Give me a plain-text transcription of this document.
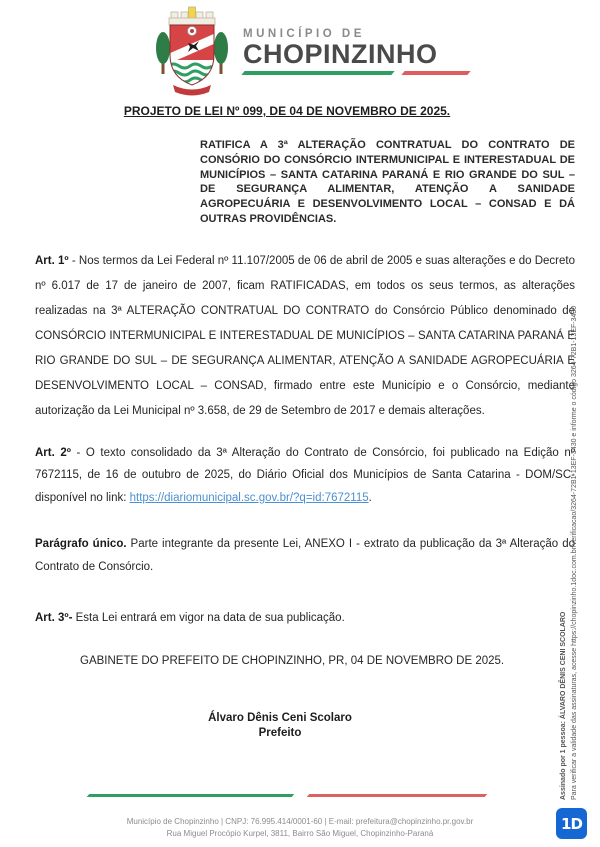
MUNICÍPIO DE
CHOPINZINHO
PROJETO DE LEI Nº 099, DE 04 DE NOVEMBRO DE 2025.
RATIFICA A 3ª ALTERAÇÃO CONTRATUAL DO CONTRATO DE CONSÓRIO DO CONSÓRCIO INTERMUNICIPAL E INTERESTADUAL DE MUNICÍPIOS – SANTA CATARINA PARANÁ E RIO GRANDE DO SUL – DE SEGURANÇA ALIMENTAR, ATENÇÃO A SANIDADE AGROPECUÁRIA E DESENVOLVIMENTO LOCAL – CONSAD E DÁ OUTRAS PROVIDÊNCIAS.

Art. 1º - Nos termos da Lei Federal nº 11.107/2005 de 06 de abril de 2005 e suas alterações e do Decreto nº 6.017 de 17 de janeiro de 2007, ficam RATIFICADAS, em todos os seus termos, as alterações realizadas na 3ª ALTERAÇÃO CONTRATUAL DO CONTRATO do Consórcio Público denominado de CONSÓRCIO INTERMUNICIPAL E INTERESTADUAL DE MUNICÍPIOS – SANTA CATARINA PARANÁ E RIO GRANDE DO SUL – DE SEGURANÇA ALIMENTAR, ATENÇÃO A SANIDADE AGROPECUÁRIA E DESENVOLVIMENTO LOCAL – CONSAD, firmado entre este Município e o Consórcio, mediante autorização da Lei Municipal nº 3.658, de 29 de Setembro de 2017 e demais alterações.

Art. 2º - O texto consolidado da 3ª Alteração do Contrato de Consórcio, foi publicado na Edição nº 7672115, de 16 de outubro de 2025, do Diário Oficial dos Municípios de Santa Catarina - DOM/SC- disponível no link: https://diariomunicipal.sc.gov.br/?q=id:7672115.

Parágrafo único. Parte integrante da presente Lei, ANEXO I - extrato da publicação da 3ª Alteração do Contrato de Consórcio.

Art. 3º- Esta Lei entrará em vigor na data de sua publicação.

GABINETE DO PREFEITO DE CHOPINZINHO, PR, 04 DE NOVEMBRO DE 2025.
Álvaro Dênis Ceni Scolaro
Prefeito
Município de Chopinzinho | CNPJ: 76.995.414/0001-60 | E-mail: prefeitura@chopinzinho.pr.gov.br
Rua Miguel Procópio Kurpel, 3811, Bairro São Miguel, Chopinzinho-Paraná
Assinado por 1 pessoa: ÁLVARO DÊNIS CENI SCOLARO Para verificar a validade das assinaturas, acesse https://chopinzinho.1doc.com.br/verificacao/3264-72B1-13EF-3430 e informe o código 3264-72B1-13EF-3430
1D
